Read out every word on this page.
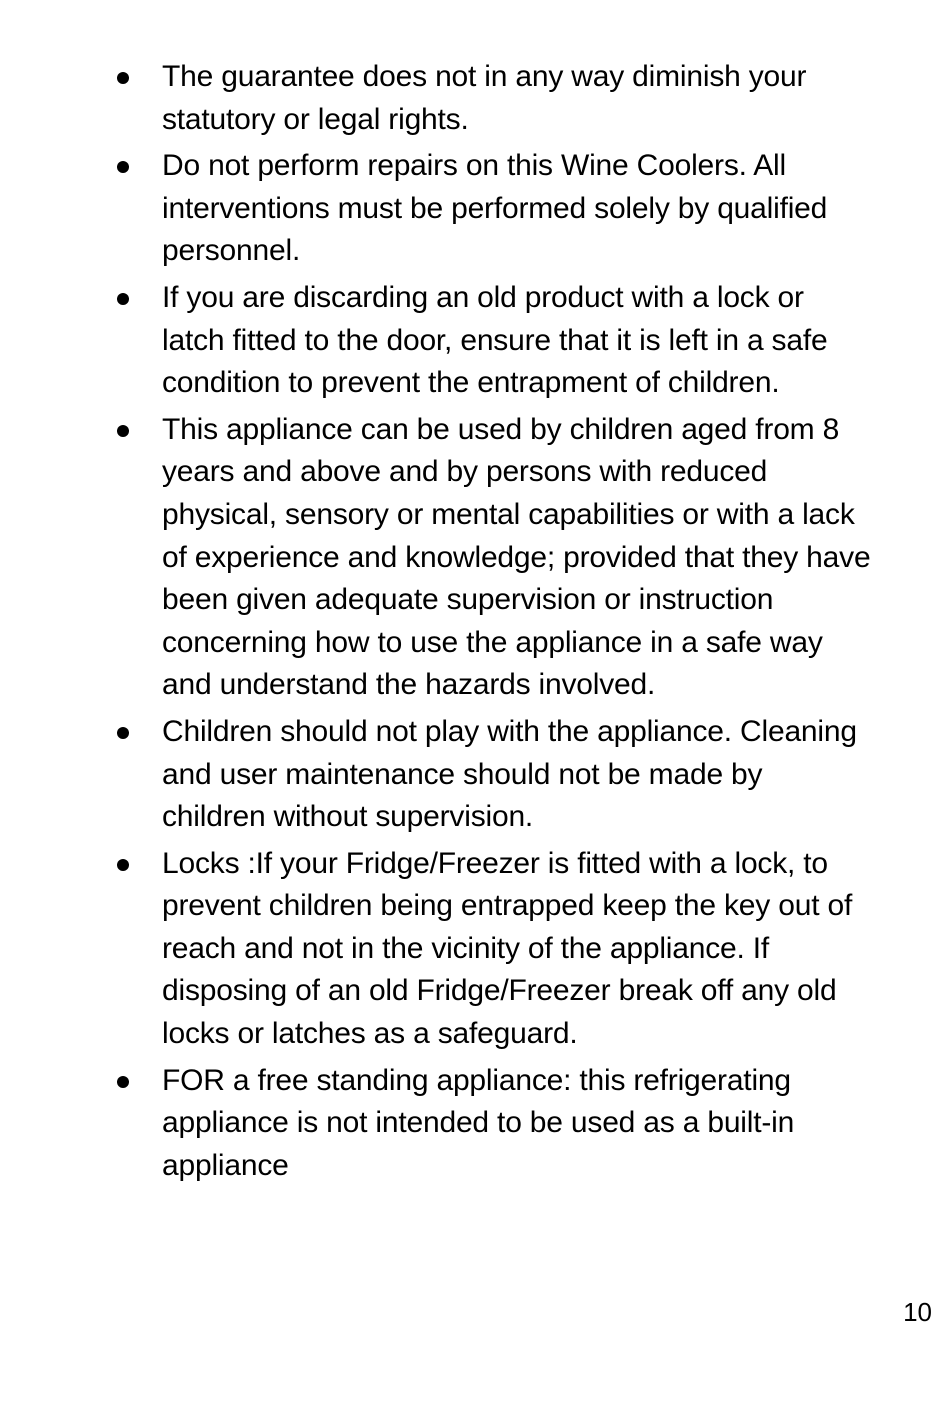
The guarantee does not in any way diminish your statutory or legal rights.
Do not perform repairs on this Wine Coolers. All interventions must be performed solely by qualified personnel.
If you are discarding an old product with a lock or latch fitted to the door, ensure that it is left in a safe condition to prevent the entrapment of children.
This appliance can be used by children aged from 8 years and above and by persons with reduced physical, sensory or mental capabilities or with a lack of experience and knowledge; provided that they have been given adequate supervision or instruction concerning how to use the appliance in a safe way and understand the hazards involved.
Children should not play with the appliance. Cleaning and user maintenance should not be made by children without supervision.
Locks :If your Fridge/Freezer is fitted with a lock, to prevent children being entrapped keep the key out of reach and not in the vicinity of the appliance. If disposing of an old Fridge/Freezer break off any old locks or latches as a safeguard.
FOR a free standing appliance: this refrigerating appliance is not intended to be used as a built-in appliance
10
